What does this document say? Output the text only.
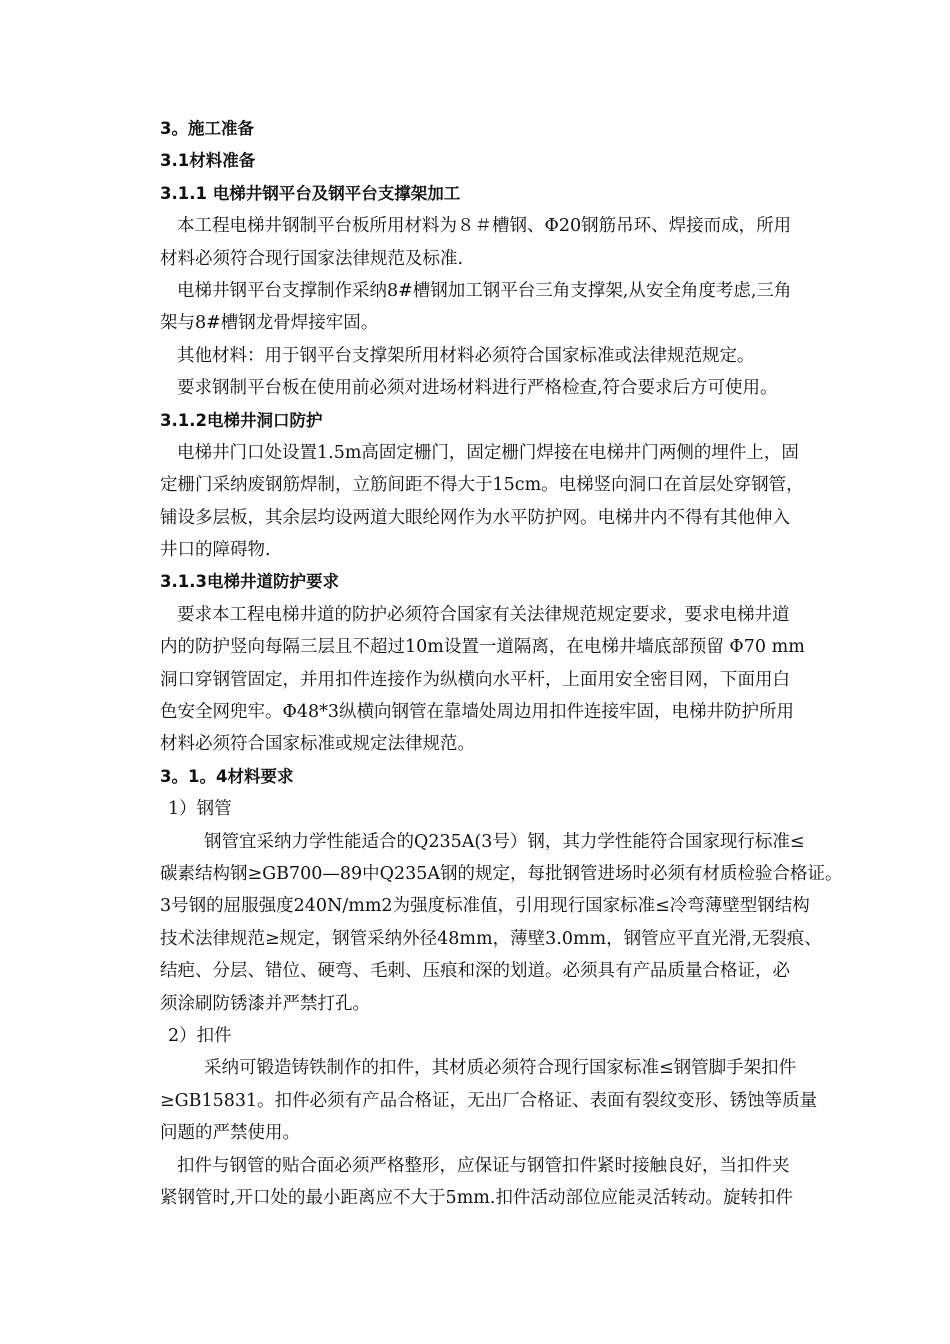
3。施工准备
3.1材料准备
3.1.1 电梯井钢平台及钢平台支撑架加工
本工程电梯井钢制平台板所用材料为８＃槽钢、Φ20钢筋吊环、焊接而成，所用
材料必须符合现行国家法律规范及标准.
电梯井钢平台支撑制作采纳8#槽钢加工钢平台三角支撑架,从安全角度考虑,三角
架与8#槽钢龙骨焊接牢固。
其他材料：用于钢平台支撑架所用材料必须符合国家标准或法律规范规定。
要求钢制平台板在使用前必须对进场材料进行严格检查,符合要求后方可使用。
3.1.2电梯井洞口防护
电梯井门口处设置1.5m高固定栅门，固定栅门焊接在电梯井门两侧的埋件上，固
定栅门采纳废钢筋焊制，立筋间距不得大于15cm。电梯竖向洞口在首层处穿钢管，
铺设多层板，其余层均设两道大眼纶网作为水平防护网。电梯井内不得有其他伸入
井口的障碍物.
3.1.3电梯井道防护要求
要求本工程电梯井道的防护必须符合国家有关法律规范规定要求，要求电梯井道
内的防护竖向每隔三层且不超过10m设置一道隔离，在电梯井墙底部预留 Φ70 mm
洞口穿钢管固定，并用扣件连接作为纵横向水平杆，上面用安全密目网，下面用白
色安全网兜牢。Φ48*3纵横向钢管在靠墙处周边用扣件连接牢固，电梯井防护所用
材料必须符合国家标准或规定法律规范。
3。1。4材料要求
1）钢管
钢管宜采纳力学性能适合的Q235A(3号）钢，其力学性能符合国家现行标准≤
碳素结构钢≥GB700—89中Q235A钢的规定，每批钢管进场时必须有材质检验合格证。
3号钢的屈服强度240N/mm2为强度标准值，引用现行国家标准≤冷弯薄壁型钢结构
技术法律规范≥规定，钢管采纳外径48mm，薄壁3.0mm，钢管应平直光滑,无裂痕、
结疤、分层、错位、硬弯、毛刺、压痕和深的划道。必须具有产品质量合格证，必
须涂刷防锈漆并严禁打孔。
2）扣件
采纳可锻造铸铁制作的扣件，其材质必须符合现行国家标准≤钢管脚手架扣件
≥GB15831。扣件必须有产品合格证，无出厂合格证、表面有裂纹变形、锈蚀等质量
问题的严禁使用。
扣件与钢管的贴合面必须严格整形，应保证与钢管扣件紧时接触良好，当扣件夹
紧钢管时,开口处的最小距离应不大于5mm.扣件活动部位应能灵活转动。旋转扣件
